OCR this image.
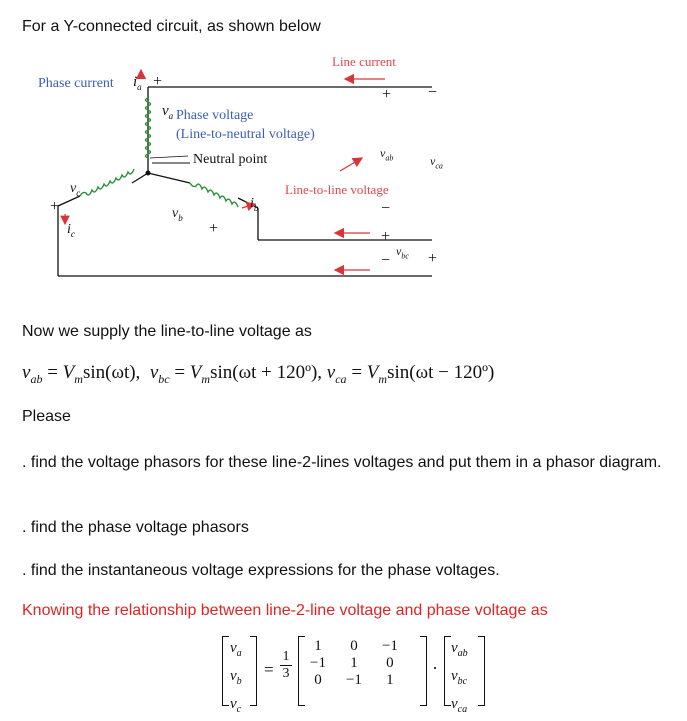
For a Y-connected circuit, as shown below
Line current
Phase current $i_a$ +
+ −
$v_a$ Phase voltage
(Line-to-neutral voltage)
Neutral point	$v_{ab}$	$v_{ca}$
Line-to-line voltage
−
+
$v_{bc}$ +
−
$v_c$
+
$i_c$
$v_b$
$i_b$
+
Now we supply the line-to-line voltage as
$v_{ab} = V_m\sin(\omega t)$, $v_{bc} = V_m\sin(\omega t$ + 120º), $v_{ca} = V_m\sin(\omega t$ − 120º)
Please
. find the voltage phasors for these line-2-lines voltages and put them in a phasor diagram.
. find the phase voltage phasors
. find the instantaneous voltage expressions for the phase voltages.
Knowing the relationship between line-2-line voltage and phase voltage as
$v_a$
$v_b$
$v_c$
=
1
3
1	0	−1
−1	1	0
0	−1	1
·
$v_{ab}$
$v_{bc}$
$v_{ca}$
